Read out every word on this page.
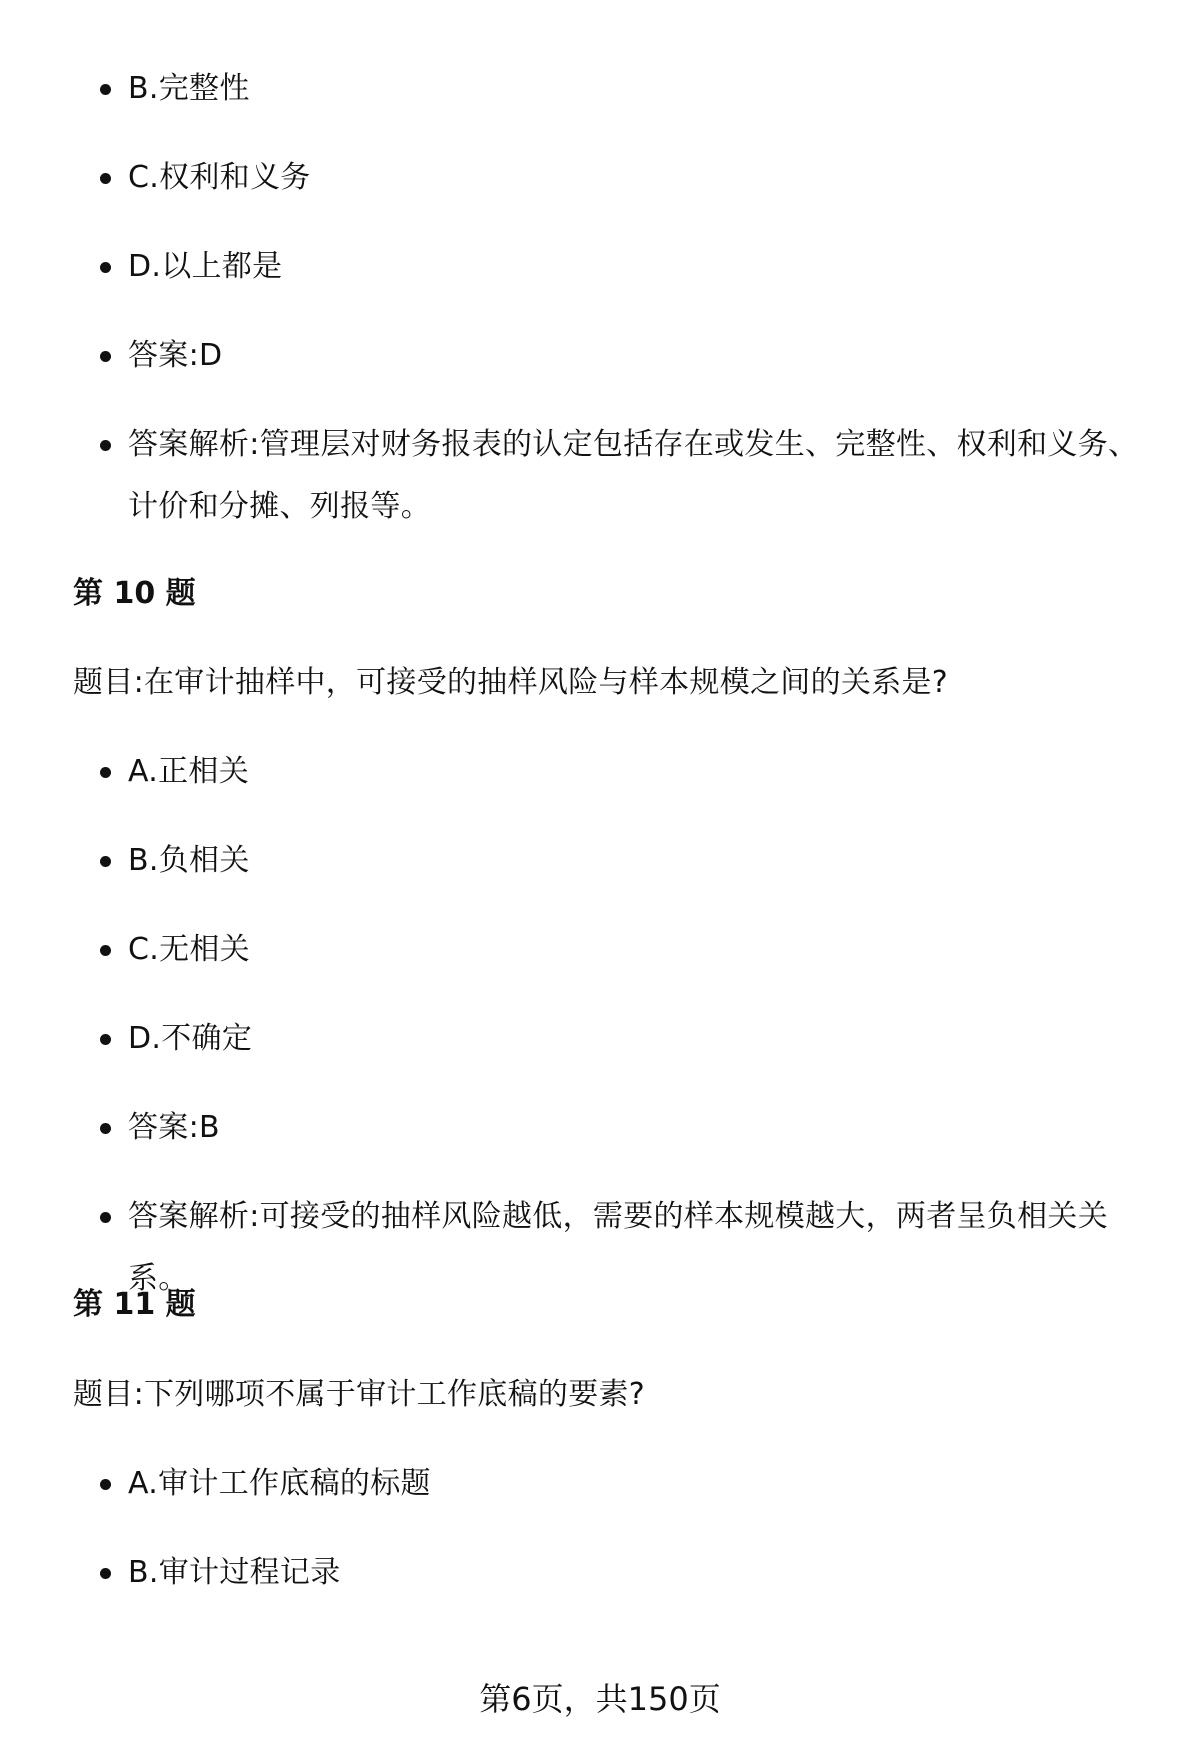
B.完整性
C.权利和义务
D.以上都是
答案:D
答案解析:管理层对财务报表的认定包括存在或发生、完整性、权利和义务、计价和分摊、列报等。
第 10 题
题目:在审计抽样中，可接受的抽样风险与样本规模之间的关系是?
A.正相关
B.负相关
C.无相关
D.不确定
答案:B
答案解析:可接受的抽样风险越低，需要的样本规模越大，两者呈负相关关系。
第 11 题
题目:下列哪项不属于审计工作底稿的要素?
A.审计工作底稿的标题
B.审计过程记录
第6页，共150页
